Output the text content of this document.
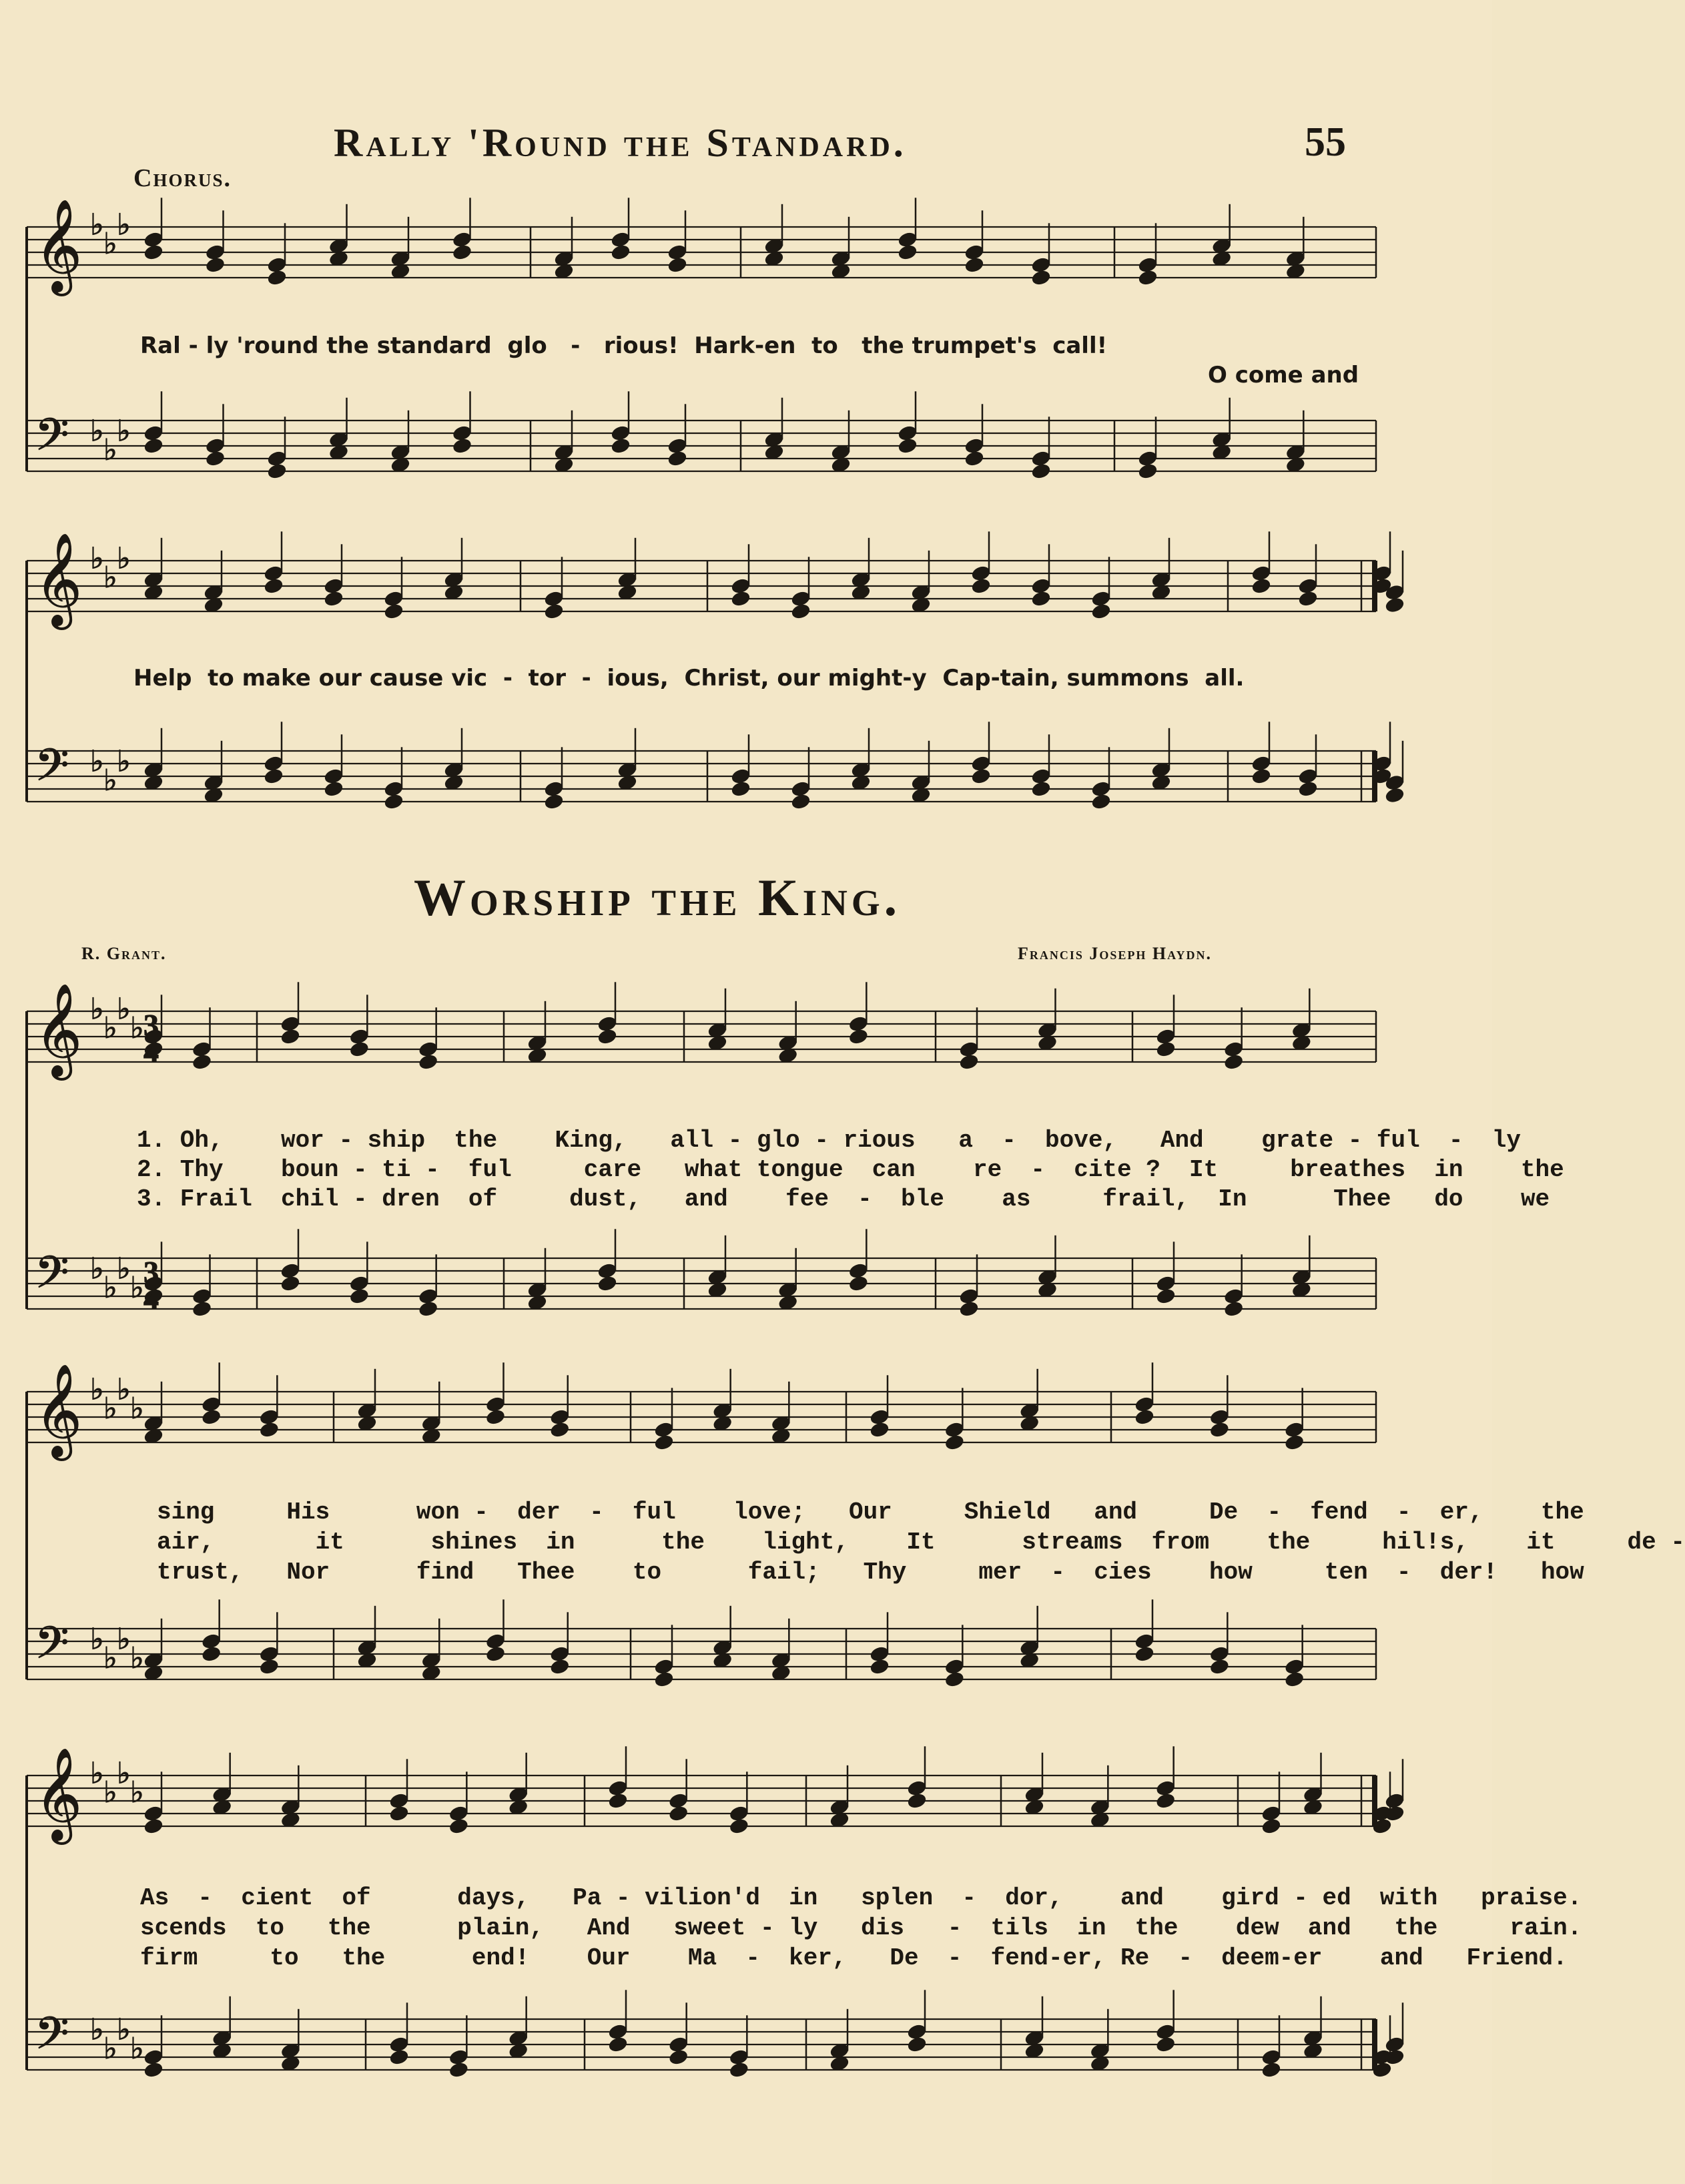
Rally 'Round the Standard.	55
Chorus.
𝄞 ♭
♭
♭
𝄢 ♭
♭
♭
𝄞 ♭
♭
♭
𝄢 ♭
♭
♭
𝄞 ♭
♭
♭
♭
𝄢 ♭
♭
♭
♭
𝄞 ♭
♭
♭
♭
𝄢 ♭
♭
♭
♭
𝄞 ♭
♭
♭
♭
𝄢 ♭
♭
♭
♭
3
4
3
4
Ral - ly 'round the standard  glo   -   rious!  Hark-en  to   the trumpet's  call!
O come and
Help  to make our cause vic  -  tor  -  ious,  Christ, our might-y  Cap-tain, summons  all.
Worship the King.
R. Grant.	Francis Joseph Haydn.
1. Oh,    wor - ship  the    King,   all - glo - rious   a  -  bove,   And    grate - ful  -  ly
2. Thy    boun - ti -  ful     care   what tongue  can    re  -  cite ?  It     breathes  in    the
3. Frail  chil - dren  of     dust,   and    fee  -  ble    as     frail,  In      Thee   do    we
sing     His      won -  der  -  ful    love;   Our     Shield   and     De  -  fend  -  er,    the
air,       it      shines  in      the    light,    It      streams  from    the     hil!s,    it     de -
trust,   Nor      find   Thee    to      fail;   Thy     mer  -  cies    how     ten  -  der!   how
As  -  cient  of      days,   Pa - vilion'd  in   splen  -  dor,    and    gird - ed  with   praise.
scends  to   the      plain,   And   sweet - ly   dis   -  tils  in  the    dew  and   the     rain.
firm     to   the      end!    Our    Ma  -  ker,   De  -  fend-er, Re  -  deem-er    and   Friend.
